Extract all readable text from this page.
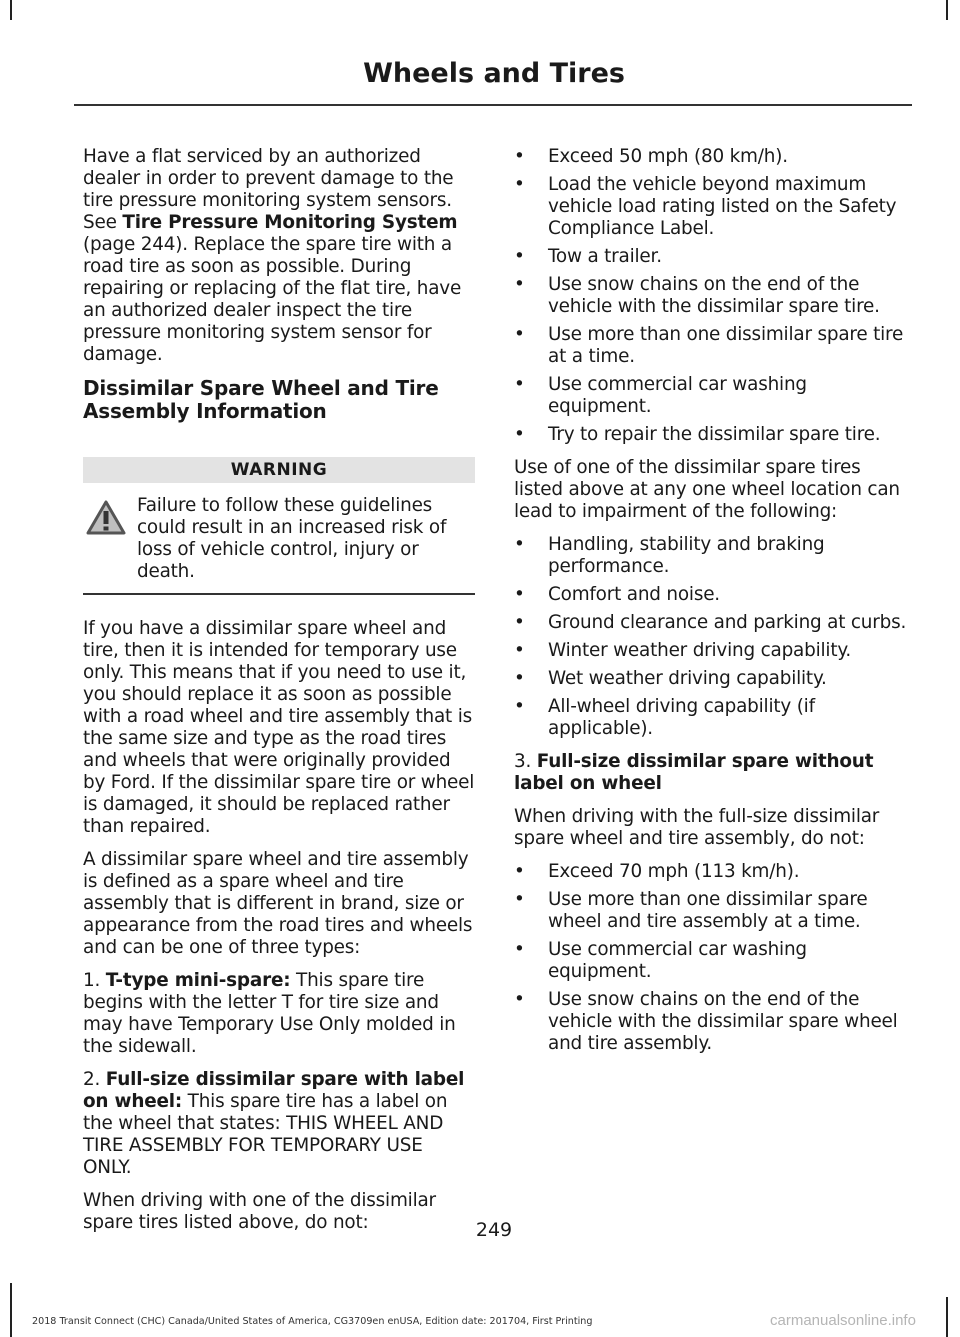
Wheels and Tires

Have a flat serviced by an authorized dealer in order to prevent damage to the tire pressure monitoring system sensors. See Tire Pressure Monitoring System (page 244). Replace the spare tire with a road tire as soon as possible. During repairing or replacing of the flat tire, have an authorized dealer inspect the tire pressure monitoring system sensor for damage.

Dissimilar Spare Wheel and Tire Assembly Information
WARNING
Failure to follow these guidelines could result in an increased risk of loss of vehicle control, injury or death.

If you have a dissimilar spare wheel and tire, then it is intended for temporary use only. This means that if you need to use it, you should replace it as soon as possible with a road wheel and tire assembly that is the same size and type as the road tires and wheels that were originally provided by Ford. If the dissimilar spare tire or wheel is damaged, it should be replaced rather than repaired.

A dissimilar spare wheel and tire assembly is defined as a spare wheel and tire assembly that is different in brand, size or appearance from the road tires and wheels and can be one of three types:

1. T-type mini-spare: This spare tire begins with the letter T for tire size and may have Temporary Use Only molded in the sidewall.

2. Full-size dissimilar spare with label on wheel: This spare tire has a label on the wheel that states: THIS WHEEL AND TIRE ASSEMBLY FOR TEMPORARY USE ONLY.

When driving with one of the dissimilar spare tires listed above, do not:

• Exceed 50 mph (80 km/h).
• Load the vehicle beyond maximum vehicle load rating listed on the Safety Compliance Label.
• Tow a trailer.
• Use snow chains on the end of the vehicle with the dissimilar spare tire.
• Use more than one dissimilar spare tire at a time.
• Use commercial car washing equipment.
• Try to repair the dissimilar spare tire.

Use of one of the dissimilar spare tires listed above at any one wheel location can lead to impairment of the following:

• Handling, stability and braking performance.
• Comfort and noise.
• Ground clearance and parking at curbs.
• Winter weather driving capability.
• Wet weather driving capability.
• All-wheel driving capability (if applicable).

3. Full-size dissimilar spare without label on wheel

When driving with the full-size dissimilar spare wheel and tire assembly, do not:

• Exceed 70 mph (113 km/h).
• Use more than one dissimilar spare wheel and tire assembly at a time.
• Use commercial car washing equipment.
• Use snow chains on the end of the vehicle with the dissimilar spare wheel and tire assembly.
249
2018 Transit Connect (CHC) Canada/United States of America, CG3709en enUSA, Edition date: 201704, First Printing	carmanualsonline.info
